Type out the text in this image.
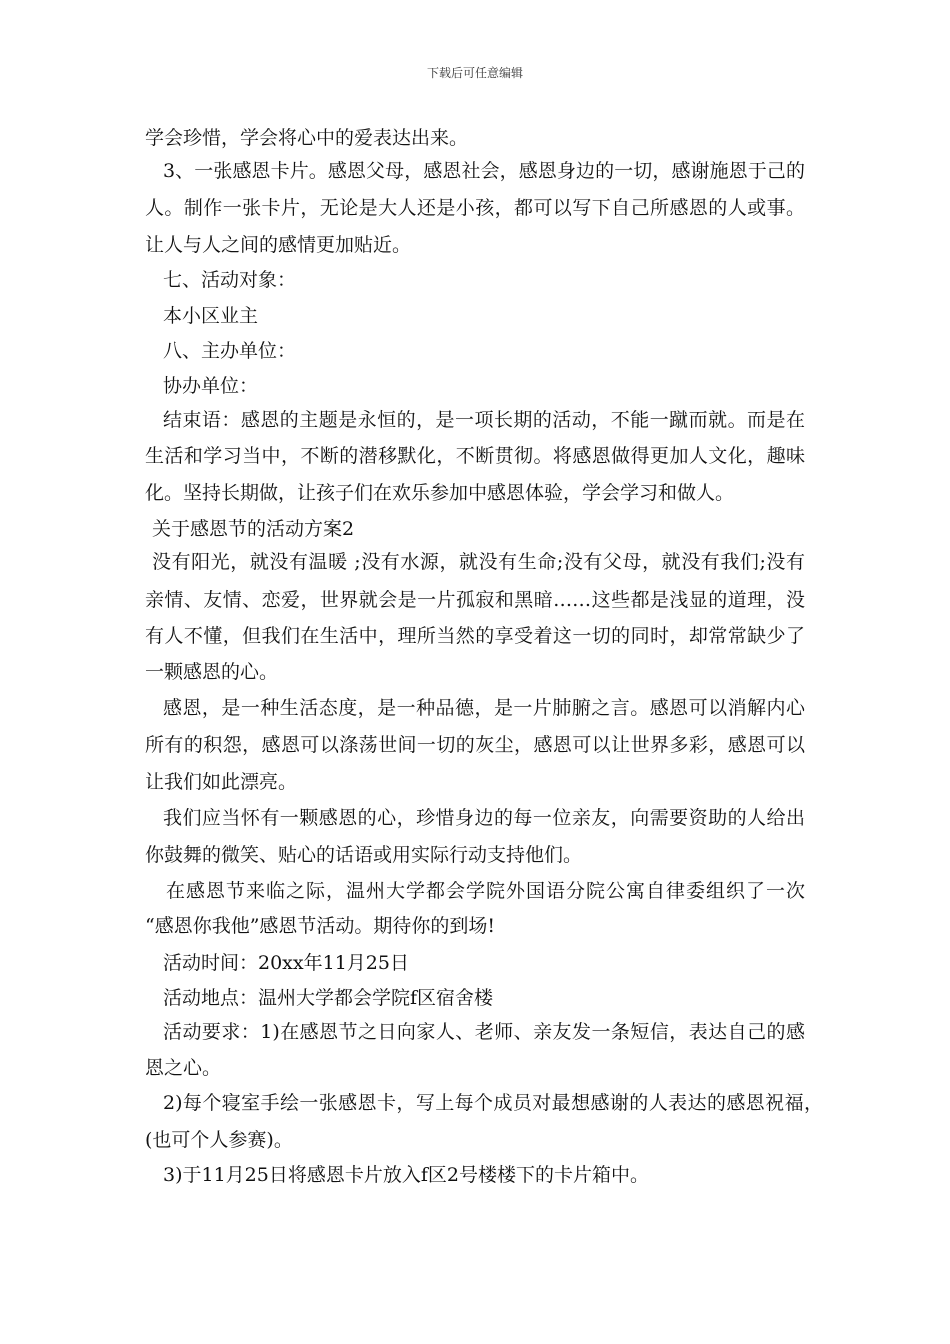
下载后可任意编辑
学会珍惜，学会将心中的爱表达出来。
3、一张感恩卡片。感恩父母，感恩社会，感恩身边的一切，感谢施恩于己的
人。制作一张卡片，无论是大人还是小孩，都可以写下自己所感恩的人或事。
让人与人之间的感情更加贴近。
七、活动对象：
本小区业主
八、主办单位：
协办单位：
结束语：感恩的主题是永恒的，是一项长期的活动，不能一蹴而就。而是在
生活和学习当中，不断的潜移默化，不断贯彻。将感恩做得更加人文化，趣味
化。坚持长期做，让孩子们在欢乐参加中感恩体验，学会学习和做人。
关于感恩节的活动方案2
没有阳光，就没有温暖 ;没有水源，就没有生命;没有父母，就没有我们;没有
亲情、友情、恋爱，世界就会是一片孤寂和黑暗……这些都是浅显的道理，没
有人不懂，但我们在生活中，理所当然的享受着这一切的同时，却常常缺少了
一颗感恩的心。
感恩，是一种生活态度，是一种品德，是一片肺腑之言。感恩可以消解内心
所有的积怨，感恩可以涤荡世间一切的灰尘，感恩可以让世界多彩，感恩可以
让我们如此漂亮。
我们应当怀有一颗感恩的心，珍惜身边的每一位亲友，向需要资助的人给出
你鼓舞的微笑、贴心的话语或用实际行动支持他们。
在感恩节来临之际，温州大学都会学院外国语分院公寓自律委组织了一次
“感恩你我他”感恩节活动。期待你的到场!
活动时间：20xx年11月25日
活动地点：温州大学都会学院f区宿舍楼
活动要求：1)在感恩节之日向家人、老师、亲友发一条短信，表达自己的感
恩之心。
2)每个寝室手绘一张感恩卡，写上每个成员对最想感谢的人表达的感恩祝福，
(也可个人参赛)。
3)于11月25日将感恩卡片放入f区2号楼楼下的卡片箱中。
